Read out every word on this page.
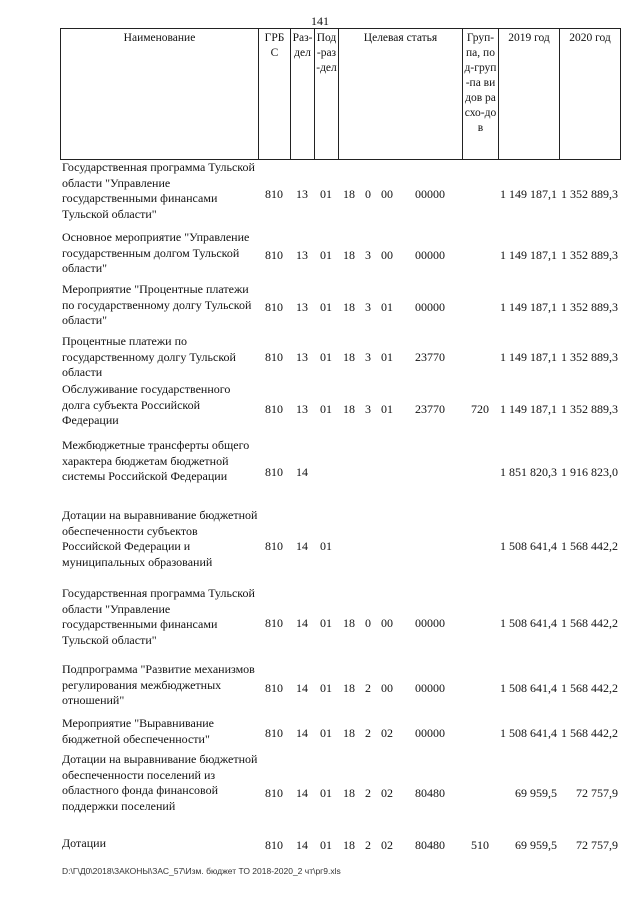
141
Наименование	ГРБ С	Раз-дел	Под-раз-дел	Целевая статья	Груп-па, под-груп-па видов расхо-дов	2019 год	2020 год
Государственная программа Тульской области "Управление государственными финансами Тульской области"	810	13	01	18	0	00	00000		1 149 187,1	1 352 889,3
Основное мероприятие "Управление государственным долгом Тульской области"	810	13	01	18	3	00	00000		1 149 187,1	1 352 889,3
Мероприятие "Процентные платежи по государственному долгу Тульской области"	810	13	01	18	3	01	00000		1 149 187,1	1 352 889,3
Процентные платежи по государственному долгу Тульской области	810	13	01	18	3	01	23770		1 149 187,1	1 352 889,3
Обслуживание государственного долга субъекта Российской Федерации	810	13	01	18	3	01	23770	720	1 149 187,1	1 352 889,3
Межбюджетные трансферты общего характера бюджетам бюджетной системы Российской Федерации	810	14							1 851 820,3	1 916 823,0
Дотации на выравнивание бюджетной обеспеченности субъектов Российской Федерации и муниципальных образований	810	14	01						1 508 641,4	1 568 442,2
Государственная программа Тульской области "Управление государственными финансами Тульской области"	810	14	01	18	0	00	00000		1 508 641,4	1 568 442,2
Подпрограмма "Развитие механизмов регулирования межбюджетных отношений"	810	14	01	18	2	00	00000		1 508 641,4	1 568 442,2
Мероприятие "Выравнивание бюджетной обеспеченности"	810	14	01	18	2	02	00000		1 508 641,4	1 568 442,2
Дотации на выравнивание бюджетной обеспеченности поселений из областного фонда финансовой поддержки поселений	810	14	01	18	2	02	80480		69 959,5	72 757,9
Дотации	810	14	01	18	2	02	80480	510	69 959,5	72 757,9
D:\Г\Д0\2018\ЗАКОНЫ\ЗАС_57\Изм. бюджет ТО 2018-2020_2 чт\рг9.xls
